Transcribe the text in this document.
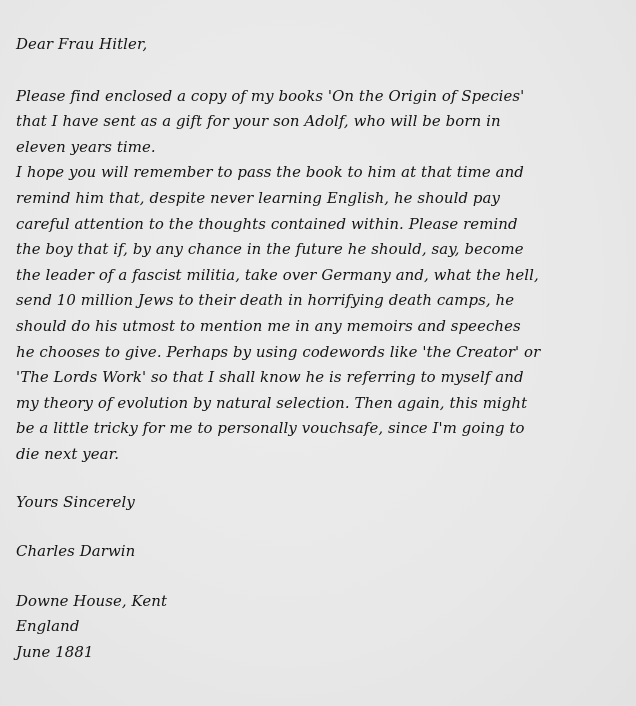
Dear Frau Hitler,
Please find enclosed a copy of my books 'On the Origin of Species'
that I have sent as a gift for your son Adolf, who will be born in
eleven years time.
I hope you will remember to pass the book to him at that time and
remind him that, despite never learning English, he should pay
careful attention to the thoughts contained within. Please remind
the boy that if, by any chance in the future he should, say, become
the leader of a fascist militia, take over Germany and, what the hell,
send 10 million Jews to their death in horrifying death camps, he
should do his utmost to mention me in any memoirs and speeches
he chooses to give. Perhaps by using codewords like 'the Creator' or
'The Lords Work' so that I shall know he is referring to myself and
my theory of evolution by natural selection. Then again, this might
be a little tricky for me to personally vouchsafe, since I'm going to
die next year.
Yours Sincerely
Charles Darwin
Downe House, Kent
England
June 1881
